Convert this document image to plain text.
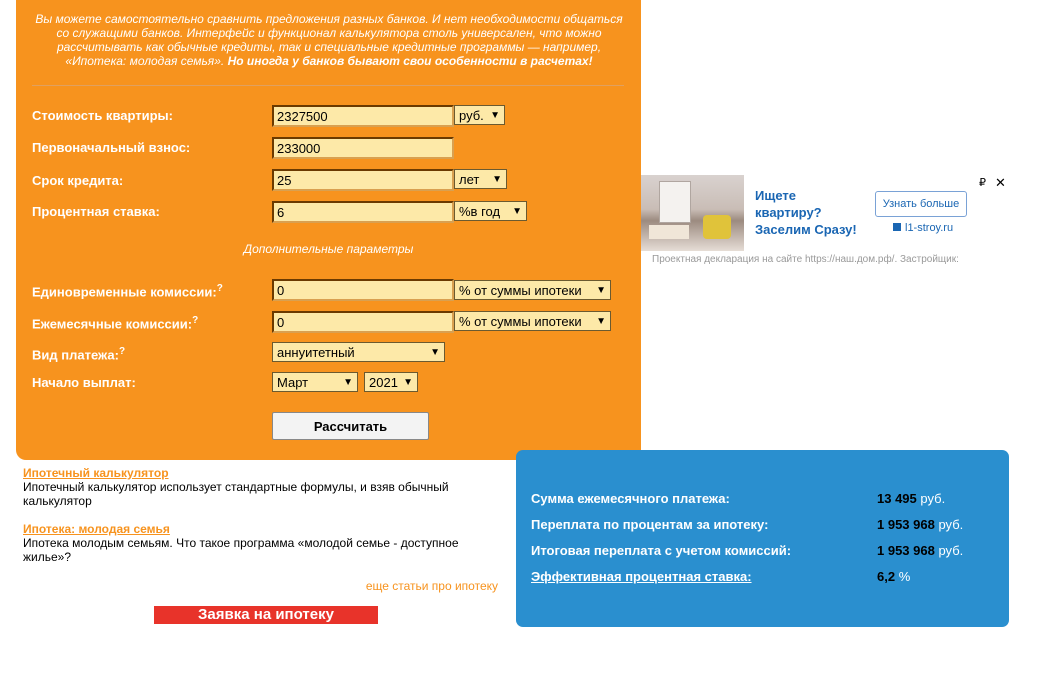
Вы можете самостоятельно сравнить предложения разных банков. И нет необходимости общаться со служащими банков. Интерфейс и функционал калькулятора столь универсален, что можно рассчитывать как обычные кредиты, так и специальные кредитные программы — например, «Ипотека: молодая семья». Но иногда у банков бывают свои особенности в расчетах!
Стоимость квартиры:
2327500	руб. ▼
Первоначальный взнос:
233000
Срок кредита:
25	лет ▼
Процентная ставка:
6	%в год ▼
Дополнительные параметры
Единовременные комиссии:?
0	% от суммы ипотеки ▼
Ежемесячные комиссии:?
0	% от суммы ипотеки ▼
Вид платежа:?	аннуитетный	▼
Начало выплат:	Март	▼	2021 ▼
Рассчитать
Ипотечный калькулятор
Ипотечный калькулятор использует стандартные формулы, и взяв обычный калькулятор
Ипотека: молодая семья
Ипотека молодым семьям. Что такое программа «молодой семье - доступное жилье»?
еще статьи про ипотеку
Заявка на ипотеку
Сумма ежемесячного платежа:	13 495 руб.
Переплата по процентам за ипотеку:	1 953 968 руб.
Итоговая переплата с учетом комиссий:	1 953 968 руб.
Эффективная процентная ставка:	6,2 %
Ищете квартиру? Заселим Сразу!
Узнать больше
l1-stroy.ru
₽ ✕
Проектная декларация на сайте https://наш.дом.рф/. Застройщик:
